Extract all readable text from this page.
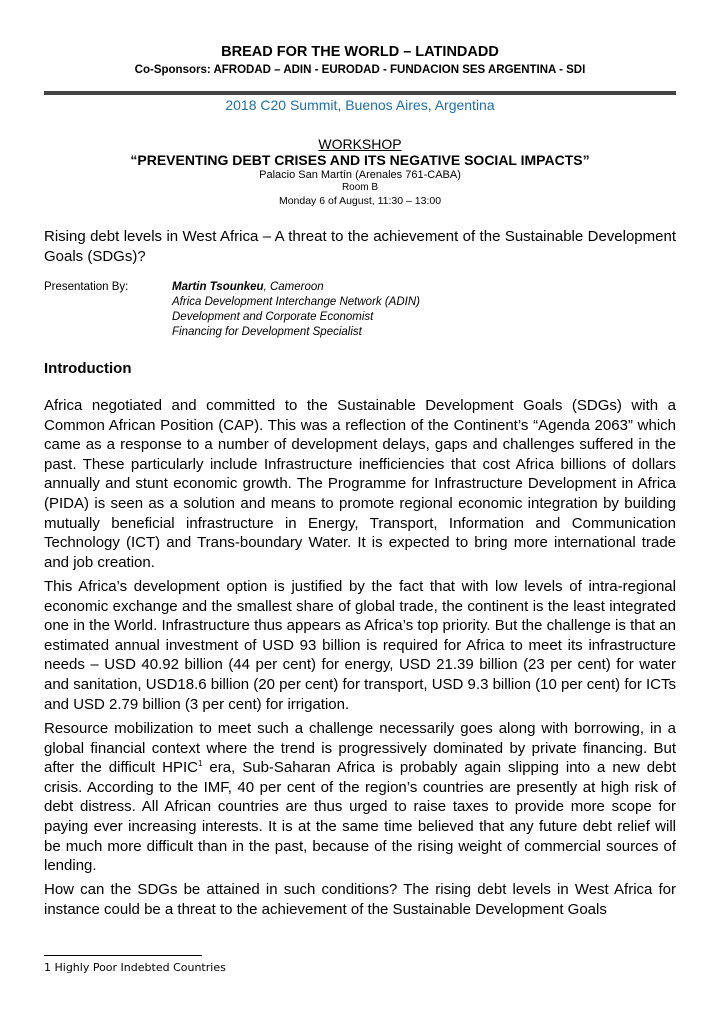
BREAD FOR THE WORLD – LATINDADD
Co-Sponsors: AFRODAD – ADIN - EURODAD - FUNDACION SES ARGENTINA - SDI
2018 C20 Summit, Buenos Aires, Argentina
WORKSHOP
“PREVENTING DEBT CRISES AND ITS NEGATIVE SOCIAL IMPACTS”
Palacio San Martín (Arenales 761-CABA)
Room B
Monday 6 of August, 11:30 – 13:00
Rising debt levels in West Africa – A threat to the achievement of the Sustainable Development Goals (SDGs)?
Presentation By:	Martin Tsounkeu, Cameroon
Africa Development Interchange Network (ADIN)
Development and Corporate Economist
Financing for Development Specialist
Introduction
Africa negotiated and committed to the Sustainable Development Goals (SDGs) with a Common African Position (CAP). This was a reflection of the Continent’s “Agenda 2063” which came as a response to a number of development delays, gaps and challenges suffered in the past. These particularly include Infrastructure inefficiencies that cost Africa billions of dollars annually and stunt economic growth. The Programme for Infrastructure Development in Africa (PIDA) is seen as a solution and means to promote regional economic integration by building mutually beneficial infrastructure in Energy, Transport, Information and Communication Technology (ICT) and Trans-boundary Water. It is expected to bring more international trade and job creation.
This Africa’s development option is justified by the fact that with low levels of intra-regional economic exchange and the smallest share of global trade, the continent is the least integrated one in the World. Infrastructure thus appears as Africa’s top priority. But the challenge is that an estimated annual investment of USD 93 billion is required for Africa to meet its infrastructure needs – USD 40.92 billion (44 per cent) for energy, USD 21.39 billion (23 per cent) for water and sanitation, USD18.6 billion (20 per cent) for transport, USD 9.3 billion (10 per cent) for ICTs and USD 2.79 billion (3 per cent) for irrigation.
Resource mobilization to meet such a challenge necessarily goes along with borrowing, in a global financial context where the trend is progressively dominated by private financing. But after the difficult HPIC$^1$ era, Sub-Saharan Africa is probably again slipping into a new debt crisis. According to the IMF, 40 per cent of the region’s countries are presently at high risk of debt distress. All African countries are thus urged to raise taxes to provide more scope for paying ever increasing interests. It is at the same time believed that any future debt relief will be much more difficult than in the past, because of the rising weight of commercial sources of lending.
How can the SDGs be attained in such conditions? The rising debt levels in West Africa for instance could be a threat to the achievement of the Sustainable Development Goals
1 Highly Poor Indebted Countries
